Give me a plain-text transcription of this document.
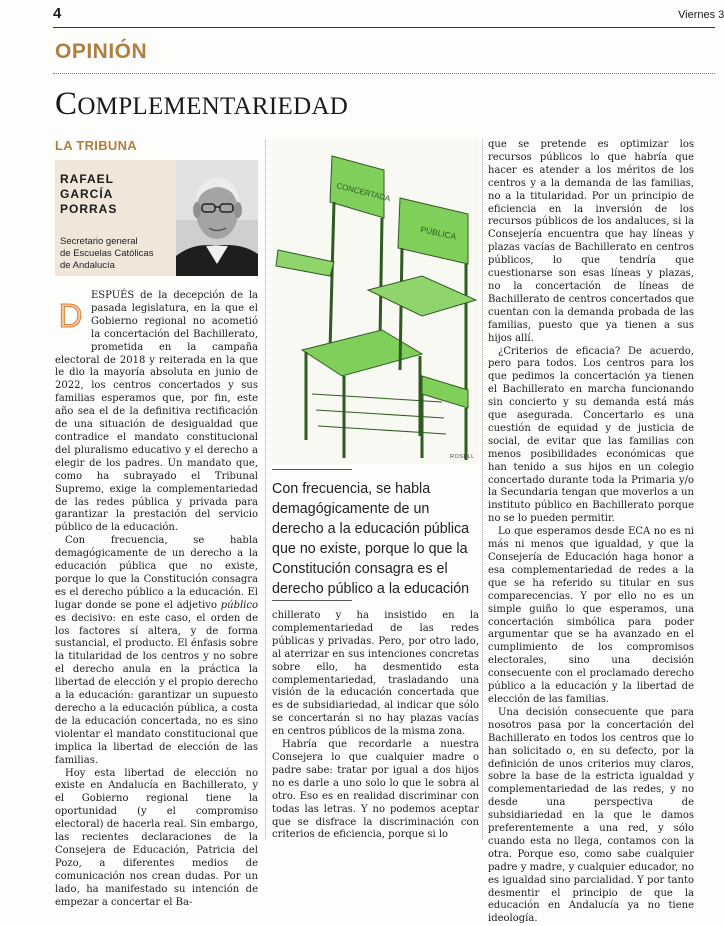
4	Viernes 3
OPINIÓN
COMPLEMENTARIEDAD
LA TRIBUNA
RAFAEL
GARCÍA
PORRAS
Secretario general
de Escuelas Católicas
de Andalucía

D
ESPUÉS de la decepción de la pasada legislatura, en la que el Gobierno regional no acometió la concertación del Bachillerato, prometida en la campaña electoral de 2018 y reiterada en la que le dio la mayoría absoluta en junio de 2022, los centros concertados y sus familias esperamos que, por fin, este año sea el de la definitiva rectificación de una situación de desigualdad que contradice el mandato constitucional del pluralismo educativo y el derecho a elegir de los padres. Un mandato que, como ha subrayado el Tribunal Supremo, exige la complementariedad de las redes pública y privada para garantizar la prestación del servicio público de la educación.

Con frecuencia, se habla demagógicamente de un derecho a la educación pública que no existe, porque lo que la Constitución consagra es el derecho público a la educación. El lugar donde se pone el adjetivo público es decisivo: en este caso, el orden de los factores sí altera, y de forma sustancial, el producto. El énfasis sobre la titularidad de los centros y no sobre el derecho anula en la práctica la libertad de elección y el propio derecho a la educación: garantizar un supuesto derecho a la educación pública, a costa de la educación concertada, no es sino violentar el mandato constitucional que implica la libertad de elección de las familias.

Hoy esta libertad de elección no existe en Andalucía en Bachillerato, y el Gobierno regional tiene la oportunidad (y el compromiso electoral) de hacerla real. Sin embargo, las recientes declaraciones de la Consejera de Educación, Patricia del Pozo, a diferentes medios de comunicación nos crean dudas. Por un lado, ha manifestado su intención de empezar a concertar el Ba-

CONCERTADA
PÚBLICA
ROSELL
Con frecuencia, se habla demagógicamente de un derecho a la educación pública que no existe, porque lo que la Constitución consagra es el derecho público a la educación

chillerato y ha insistido en la complementariedad de las redes públicas y privadas. Pero, por otro lado, al aterrizar en sus intenciones concretas sobre ello, ha desmentido esta complementariedad, trasladando una visión de la educación concertada que es de subsidiariedad, al indicar que sólo se concertarán si no hay plazas vacías en centros públicos de la misma zona.

Habría que recordarle a nuestra Consejera lo que cualquier madre o padre sabe: tratar por igual a dos hijos no es darle a uno solo lo que le sobra al otro. Eso es en realidad discriminar con todas las letras. Y no podemos aceptar que se disfrace la discriminación con criterios de eficiencia, porque si lo

que se pretende es optimizar los recursos públicos lo que habría que hacer es atender a los méritos de los centros y a la demanda de las familias, no a la titularidad. Por un principio de eficiencia en la inversión de los recursos públicos de los andaluces, si la Consejería encuentra que hay líneas y plazas vacías de Bachillerato en centros públicos, lo que tendría que cuestionarse son esas líneas y plazas, no la concertación de líneas de Bachillerato de centros concertados que cuentan con la demanda probada de las familias, puesto que ya tienen a sus hijos allí.

¿Criterios de eficacia? De acuerdo, pero para todos. Los centros para los que pedimos la concertación ya tienen el Bachillerato en marcha funcionando sin concierto y su demanda está más que asegurada. Concertarlo es una cuestión de equidad y de justicia de social, de evitar que las familias con menos posibilidades económicas que han tenido a sus hijos en un colegio concertado durante toda la Primaria y/o la Secundaria tengan que moverlos a un instituto público en Bachillerato porque no se lo pueden permitir.

Lo que esperamos desde ECA no es ni más ni menos que igualdad, y que la Consejería de Educación haga honor a esa complementariedad de redes a la que se ha referido su titular en sus comparecencias. Y por ello no es un simple guiño lo que esperamos, una concertación simbólica para poder argumentar que se ha avanzado en el cumplimiento de los compromisos electorales, sino una decisión consecuente con el proclamado derecho público a la educación y la libertad de elección de las familias.

Una decisión consecuente que para nosotros pasa por la concertación del Bachillerato en todos los centros que lo han solicitado o, en su defecto, por la definición de unos criterios muy claros, sobre la base de la estricta igualdad y complementariedad de las redes, y no desde una perspectiva de subsidiariedad en la que le damos preferentemente a una red, y sólo cuando esta no llega, contamos con la otra. Porque eso, como sabe cualquier padre y madre, y cualquier educador, no es igualdad sino parcialidad. Y por tanto desmentir el principio de que la educación en Andalucía ya no tiene ideología.
